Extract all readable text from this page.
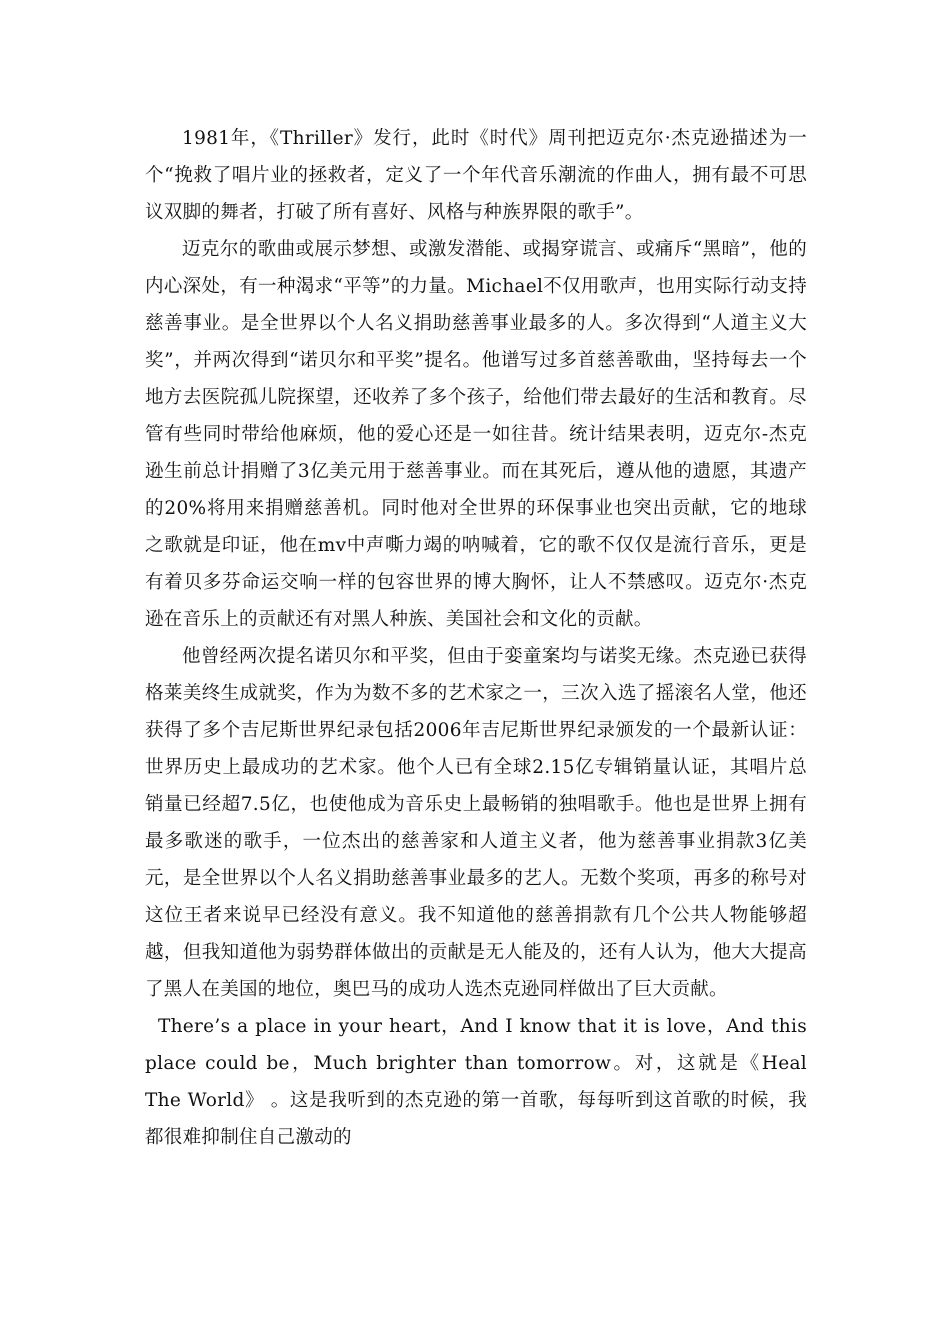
1981年，《Thriller》发行，此时《时代》周刊把迈克尔·杰克逊描述为一个“挽救了唱片业的拯救者，定义了一个年代音乐潮流的作曲人，拥有最不可思议双脚的舞者，打破了所有喜好、风格与种族界限的歌手”。

迈克尔的歌曲或展示梦想、或激发潜能、或揭穿谎言、或痛斥“黑暗”，他的内心深处，有一种渴求“平等”的力量。Michael不仅用歌声，也用实际行动支持慈善事业。是全世界以个人名义捐助慈善事业最多的人。多次得到“人道主义大奖”，并两次得到“诺贝尔和平奖”提名。他谱写过多首慈善歌曲，坚持每去一个地方去医院孤儿院探望，还收养了多个孩子，给他们带去最好的生活和教育。尽管有些同时带给他麻烦，他的爱心还是一如往昔。统计结果表明，迈克尔-杰克逊生前总计捐赠了3亿美元用于慈善事业。而在其死后，遵从他的遗愿，其遗产的20%将用来捐赠慈善机。同时他对全世界的环保事业也突出贡献，它的地球之歌就是印证，他在mv中声嘶力竭的呐喊着，它的歌不仅仅是流行音乐，更是有着贝多芬命运交响一样的包容世界的博大胸怀，让人不禁感叹。迈克尔·杰克逊在音乐上的贡献还有对黑人种族、美国社会和文化的贡献。

他曾经两次提名诺贝尔和平奖，但由于娈童案均与诺奖无缘。杰克逊已获得格莱美终生成就奖，作为为数不多的艺术家之一，三次入选了摇滚名人堂，他还获得了多个吉尼斯世界纪录包括2006年吉尼斯世界纪录颁发的一个最新认证：世界历史上最成功的艺术家。他个人已有全球2.15亿专辑销量认证，其唱片总销量已经超7.5亿，也使他成为音乐史上最畅销的独唱歌手。他也是世界上拥有最多歌迷的歌手，一位杰出的慈善家和人道主义者，他为慈善事业捐款3亿美元，是全世界以个人名义捐助慈善事业最多的艺人。无数个奖项，再多的称号对这位王者来说早已经没有意义。我不知道他的慈善捐款有几个公共人物能够超越，但我知道他为弱势群体做出的贡献是无人能及的，还有人认为，他大大提高了黑人在美国的地位，奥巴马的成功人选杰克逊同样做出了巨大贡献。

There’s a place in your heart，And I know that it is love，And this place could be，Much brighter than tomorrow。对，这就是《Heal The World》 。这是我听到的杰克逊的第一首歌，每每听到这首歌的时候，我都很难抑制住自己激动的
